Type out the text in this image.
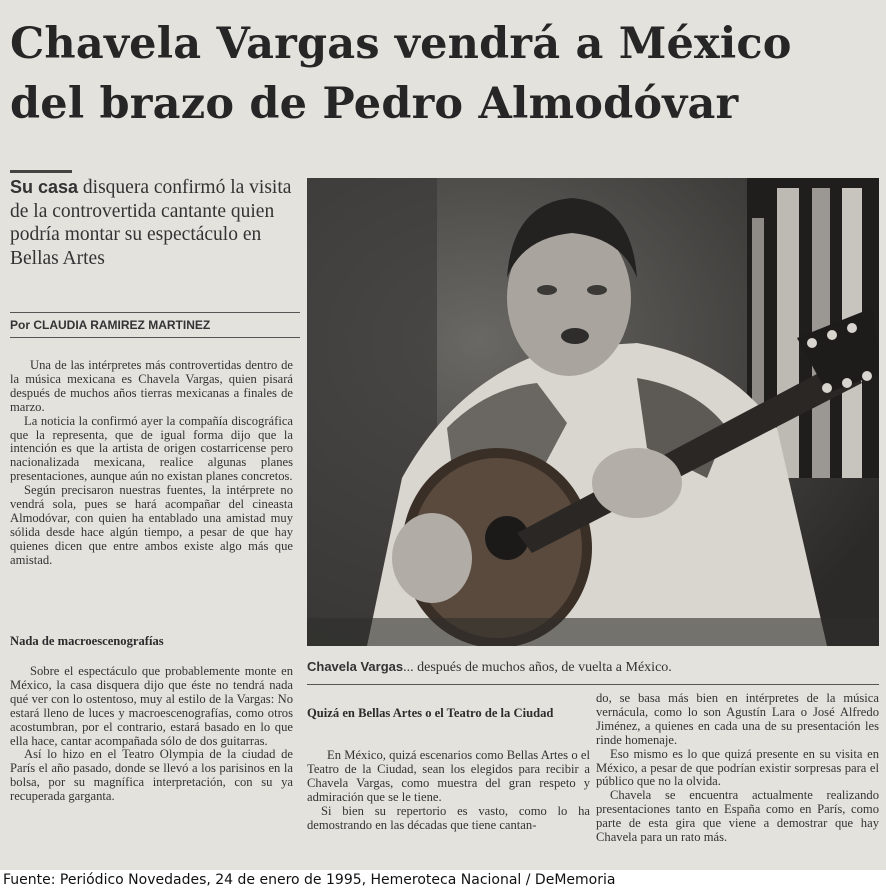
Chavela Vargas vendrá a México del brazo de Pedro Almodóvar

Su casa disquera confirmó la visita de la controvertida cantante quien podría montar su espectáculo en Bellas Artes

Por CLAUDIA RAMIREZ MARTINEZ

Una de las intérpretes más controvertidas dentro de la música mexicana es Chavela Vargas, quien pisará después de muchos años tierras mexicanas a finales de marzo.

La noticia la confirmó ayer la compañía discográfica que la representa, que de igual forma dijo que la intención es que la artista de origen costarricense pero nacionalizada mexicana, realice algunas planes presentaciones, aunque aún no existan planes concretos.

Según precisaron nuestras fuentes, la intérprete no vendrá sola, pues se hará acompañar del cineasta Almodóvar, con quien ha entablado una amistad muy sólida desde hace algún tiempo, a pesar de que hay quienes dicen que entre ambos existe algo más que amistad.

Nada de macroescenografías

Sobre el espectáculo que probablemente monte en México, la casa disquera dijo que éste no tendrá nada qué ver con lo ostentoso, muy al estilo de la Vargas: No estará lleno de luces y macroescenografías, como otros acostumbran, por el contrario, estará basado en lo que ella hace, cantar acompañada sólo de dos guitarras.

Así lo hizo en el Teatro Olympia de la ciudad de París el año pasado, donde se llevó a los parisinos en la bolsa, por su magnífica interpretación, con su ya recuperada garganta.

Chavela Vargas... después de muchos años, de vuelta a México.

Quizá en Bellas Artes o el Teatro de la Ciudad

En México, quizá escenarios como Bellas Artes o el Teatro de la Ciudad, sean los elegidos para recibir a Chavela Vargas, como muestra del gran respeto y admiración que se le tiene.

Si bien su repertorio es vasto, como lo ha demostrando en las décadas que tiene cantan-

do, se basa más bien en intérpretes de la música vernácula, como lo son Agustín Lara o José Alfredo Jiménez, a quienes en cada una de su presentación les rinde homenaje.

Eso mismo es lo que quizá presente en su visita en México, a pesar de que podrían existir sorpresas para el público que no la olvida.

Chavela se encuentra actualmente realizando presentaciones tanto en España como en París, como parte de esta gira que viene a demostrar que hay Chavela para un rato más.

Fuente: Periódico Novedades, 24 de enero de 1995, Hemeroteca Nacional / DeMemoria
